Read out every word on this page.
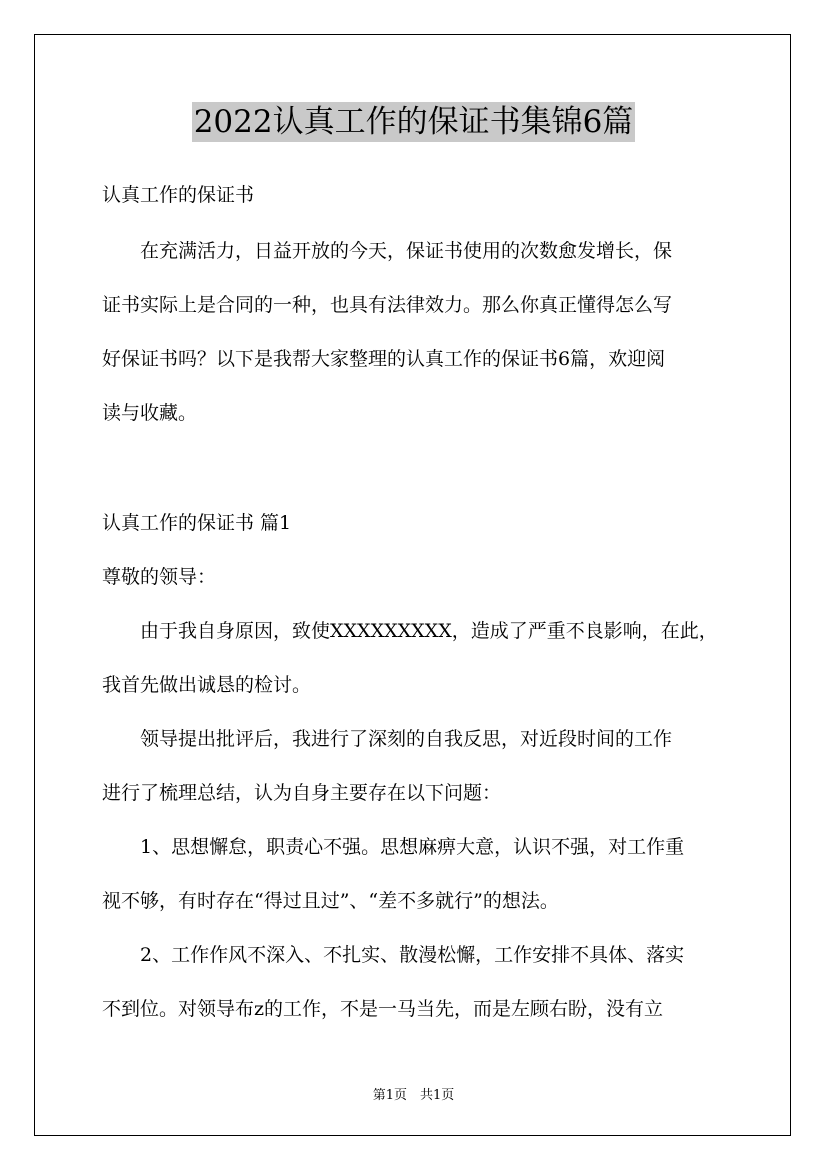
2022认真工作的保证书集锦6篇
认真工作的保证书
　　在充满活力，日益开放的今天，保证书使用的次数愈发增长，保
证书实际上是合同的一种，也具有法律效力。那么你真正懂得怎么写
好保证书吗？以下是我帮大家整理的认真工作的保证书6篇，欢迎阅
读与收藏。
认真工作的保证书 篇1
尊敬的领导：
　　由于我自身原因，致使XXXXXXXXX，造成了严重不良影响，在此，
我首先做出诚恳的检讨。
　　领导提出批评后，我进行了深刻的自我反思，对近段时间的工作
进行了梳理总结，认为自身主要存在以下问题：
　　1、思想懈怠，职责心不强。思想麻痹大意，认识不强，对工作重
视不够，有时存在“得过且过”、“差不多就行”的想法。
　　2、工作作风不深入、不扎实、散漫松懈，工作安排不具体、落实
不到位。对领导布z的工作，不是一马当先，而是左顾右盼，没有立
第1页　共1页
